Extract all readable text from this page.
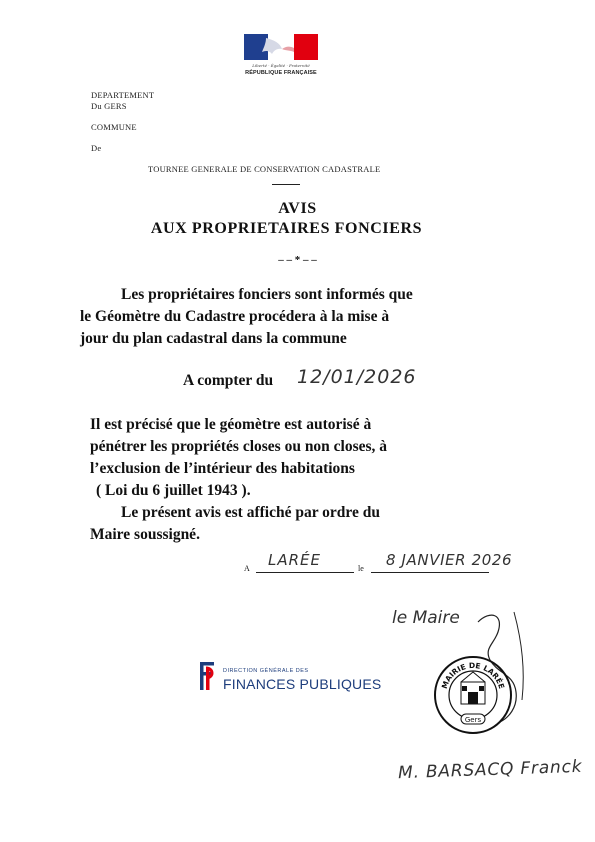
Liberté · Égalité · Fraternité
RÉPUBLIQUE FRANÇAISE
DEPARTEMENT
Du GERS
COMMUNE
De
TOURNEE GENERALE DE CONSERVATION CADASTRALE
AVIS
AUX PROPRIETAIRES FONCIERS
– – * – –
Les propriétaires fonciers sont informés que
le Géomètre du Cadastre procédera à la mise à
jour du plan cadastral dans la commune
A compter du 12/01/2026
Il est précisé que le géomètre est autorisé à
pénétrer les propriétés closes ou non closes, à
l’exclusion de l’intérieur des habitations
( Loi du 6 juillet 1943 ).
Le présent avis est affiché par ordre du
Maire soussigné.
A LARÉE	le 8 JANVIER 2026
le Maire
DIRECTION GÉNÉRALE DES
FINANCES PUBLIQUES	MAIRIE DE LARÉE
Gers
M. BARSACQ Franck
